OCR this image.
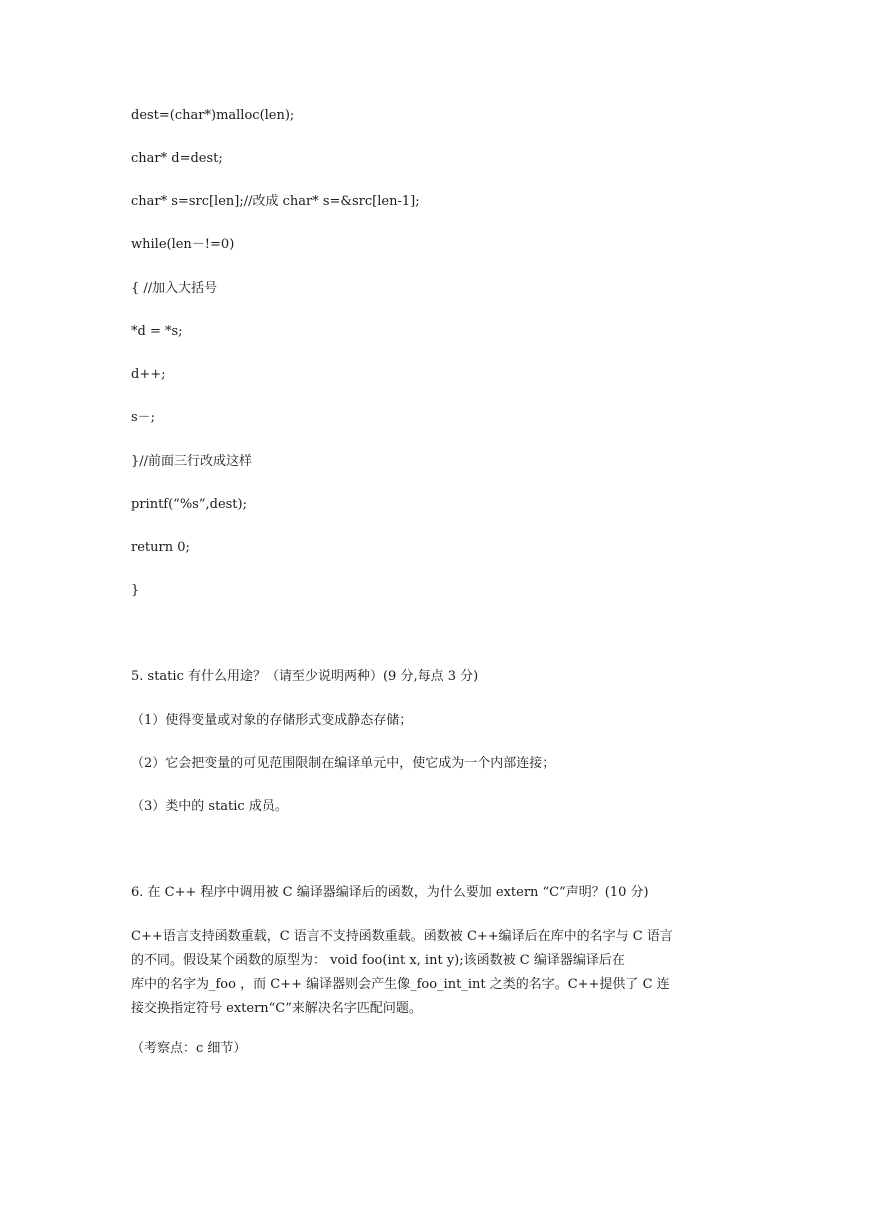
dest=(char*)malloc(len);
char* d=dest;
char* s=src[len];//改成 char* s=&src[len-1];
while(len－!=0)
{ //加入大括号
*d = *s;
d++;
s－;
}//前面三行改成这样
printf(“%s”,dest);
return 0;
}
5. static 有什么用途？（请至少说明两种）(9 分,每点 3 分)
（1）使得变量或对象的存储形式变成静态存储；
（2）它会把变量的可见范围限制在编译单元中，使它成为一个内部连接；
（3）类中的 static 成员。
6. 在 C++ 程序中调用被 C 编译器编译后的函数，为什么要加 extern “C”声明？(10 分)
C++语言支持函数重载，C 语言不支持函数重载。函数被 C++编译后在库中的名字与 C 语言
的不同。假设某个函数的原型为： void foo(int x, int y);该函数被 C 编译器编译后在
库中的名字为_foo ，而 C++ 编译器则会产生像_foo_int_int 之类的名字。C++提供了 C 连
接交换指定符号 extern“C”来解决名字匹配问题。
（考察点：c 细节）
